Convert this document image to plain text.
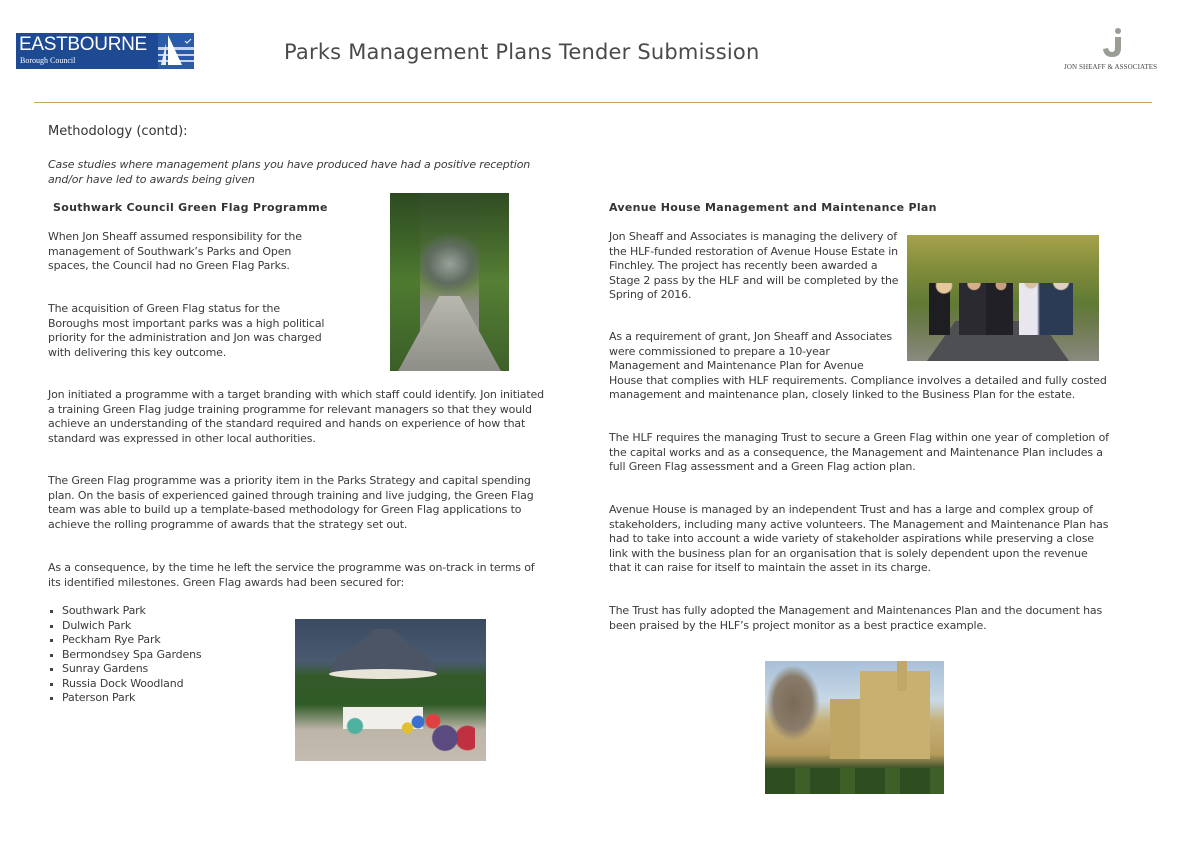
EASTBOURNE
Borough Council	Parks Management Plans Tender Submission
JON SHEAFF & ASSOCIATES
Methodology (contd):
Case studies where management plans you have produced have had a positive reception and/or have led to awards being given
Southwark Council Green Flag Programme

When Jon Sheaff assumed responsibility for the management of Southwark’s Parks and Open spaces, the Council had no Green Flag Parks.

The acquisition of Green Flag status for the Boroughs most important parks was a high political priority for the administration and Jon was charged with delivering this key outcome.

Jon initiated a programme with a target branding with which staff could identify. Jon initiated a training Green Flag judge training programme for relevant managers so that they would achieve an understanding of the standard required and hands on experience of how that standard was expressed in other local authorities.

The Green Flag programme was a priority item in the Parks Strategy and capital spending plan. On the basis of experienced gained through training and live judging, the Green Flag team was able to build up a template-based methodology for Green Flag applications to achieve the rolling programme of awards that the strategy set out.

As a consequence, by the time he left the service the programme was on-track in terms of its identified milestones. Green Flag awards had been secured for:

Southwark Park
Dulwich Park
Peckham Rye Park
Bermondsey Spa Gardens
Sunray Gardens
Russia Dock Woodland
Paterson Park
Avenue House Management and Maintenance Plan

Jon Sheaff and Associates is managing the delivery of the HLF-funded restoration of Avenue House Estate in Finchley. The project has recently been awarded a Stage 2 pass by the HLF and will be completed by the Spring of 2016.

As a requirement of grant, Jon Sheaff and Associates were commissioned to prepare a 10-year Management and Maintenance Plan for Avenue House that complies with HLF requirements. Compliance involves a detailed and fully costed management and maintenance plan, closely linked to the Business Plan for the estate.

The HLF requires the managing Trust to secure a Green Flag within one year of completion of the capital works and as a consequence, the Management and Maintenance Plan includes a full Green Flag assessment and a Green Flag action plan.

Avenue House is managed by an independent Trust and has a large and complex group of stakeholders, including many active volunteers. The Management and Maintenance Plan has had to take into account a wide variety of stakeholder aspirations while preserving a close link with the business plan for an organisation that is solely dependent upon the revenue that it can raise for itself to maintain the asset in its charge.

The Trust has fully adopted the Management and Maintenances Plan and the document has been praised by the HLF’s project monitor as a best practice example.
